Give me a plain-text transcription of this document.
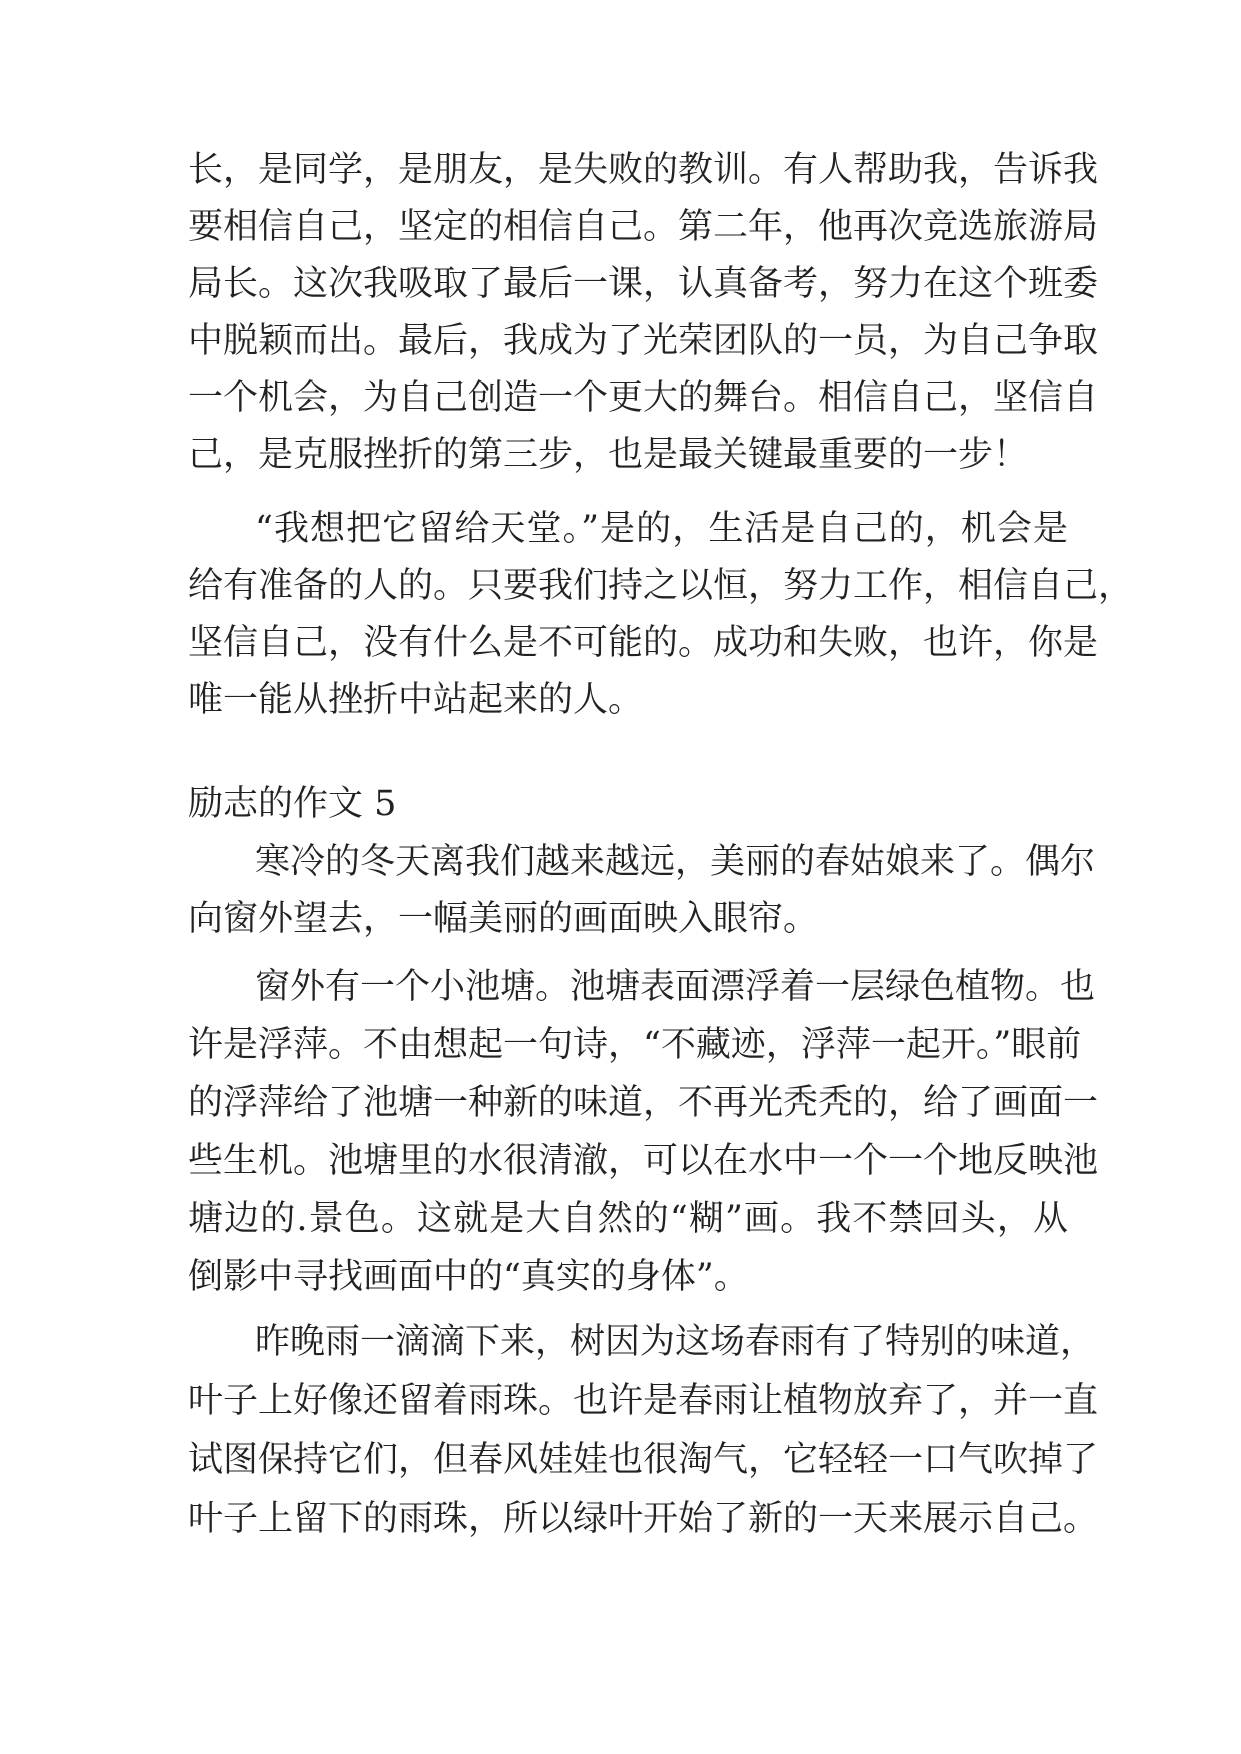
长，是同学，是朋友，是失败的教训。有人帮助我，告诉我
要相信自己，坚定的相信自己。第二年，他再次竞选旅游局
局长。这次我吸取了最后一课，认真备考，努力在这个班委
中脱颖而出。最后，我成为了光荣团队的一员，为自己争取
一个机会，为自己创造一个更大的舞台。相信自己，坚信自
己，是克服挫折的第三步，也是最关键最重要的一步！
“我想把它留给天堂。”是的，生活是自己的，机会是
给有准备的人的。只要我们持之以恒，努力工作，相信自己，
坚信自己，没有什么是不可能的。成功和失败，也许，你是
唯一能从挫折中站起来的人。
励志的作文 5
寒冷的冬天离我们越来越远，美丽的春姑娘来了。偶尔
向窗外望去，一幅美丽的画面映入眼帘。
窗外有一个小池塘。池塘表面漂浮着一层绿色植物。也
许是浮萍。不由想起一句诗，“不藏迹，浮萍一起开。”眼前
的浮萍给了池塘一种新的味道，不再光秃秃的，给了画面一
些生机。池塘里的水很清澈，可以在水中一个一个地反映池
塘边的.景色。这就是大自然的“糊”画。我不禁回头，从
倒影中寻找画面中的“真实的身体”。
昨晚雨一滴滴下来，树因为这场春雨有了特别的味道，
叶子上好像还留着雨珠。也许是春雨让植物放弃了，并一直
试图保持它们，但春风娃娃也很淘气，它轻轻一口气吹掉了
叶子上留下的雨珠，所以绿叶开始了新的一天来展示自己。
